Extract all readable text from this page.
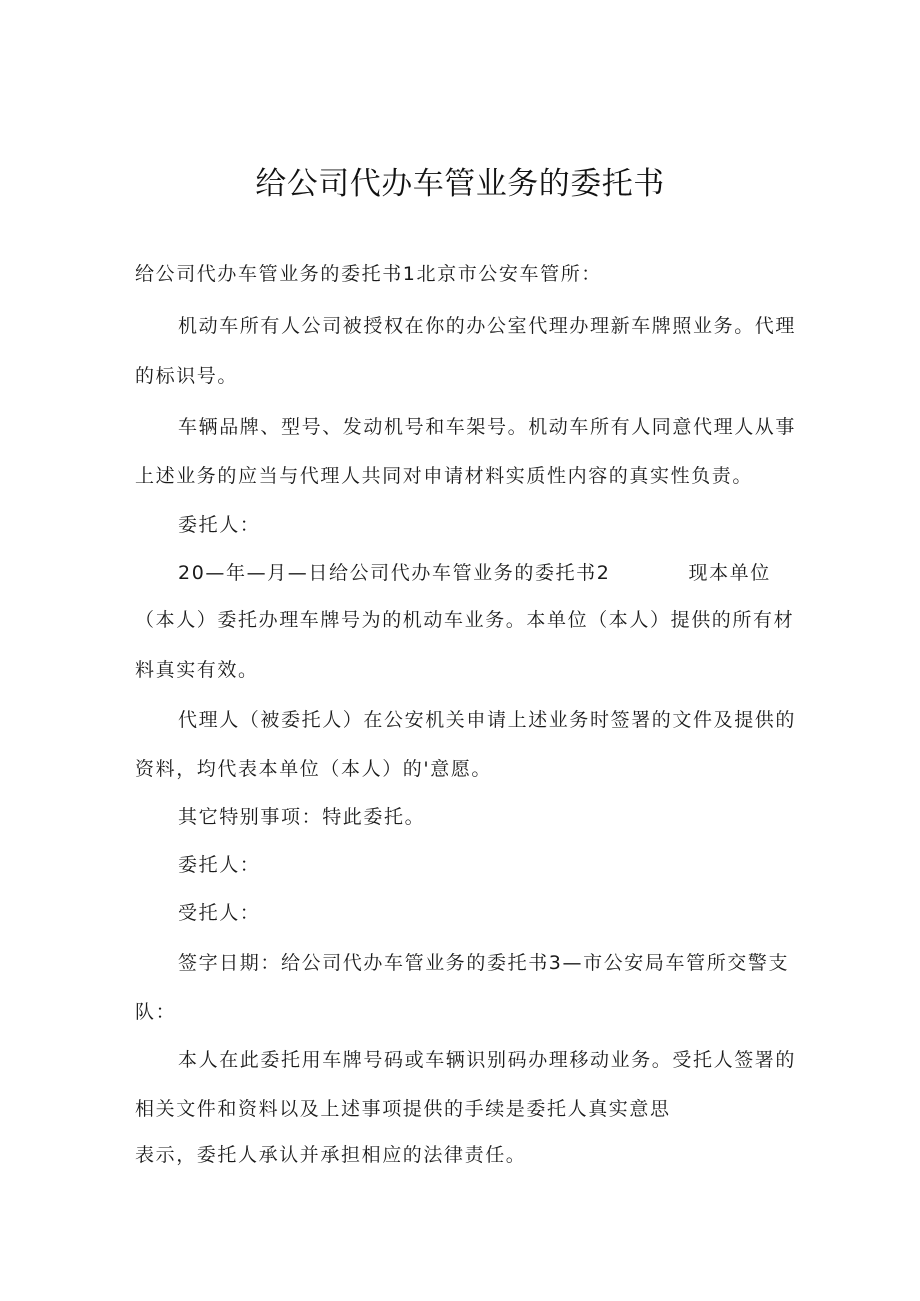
给公司代办车管业务的委托书
给公司代办车管业务的委托书1北京市公安车管所：
机动车所有人公司被授权在你的办公室代理办理新车牌照业务。代理
的标识号。
车辆品牌、型号、发动机号和车架号。机动车所有人同意代理人从事
上述业务的应当与代理人共同对申请材料实质性内容的真实性负责。
委托人：
20—年—月—日给公司代办车管业务的委托书2	现本单位
（本人）委托办理车牌号为的机动车业务。本单位（本人）提供的所有材
料真实有效。
代理人（被委托人）在公安机关申请上述业务时签署的文件及提供的
资料，均代表本单位（本人）的'意愿。
其它特别事项：特此委托。
委托人：
受托人：
签字日期：给公司代办车管业务的委托书3—市公安局车管所交警支
队：
本人在此委托用车牌号码或车辆识别码办理移动业务。受托人签署的
相关文件和资料以及上述事项提供的手续是委托人真实意思
表示，委托人承认并承担相应的法律责任。
